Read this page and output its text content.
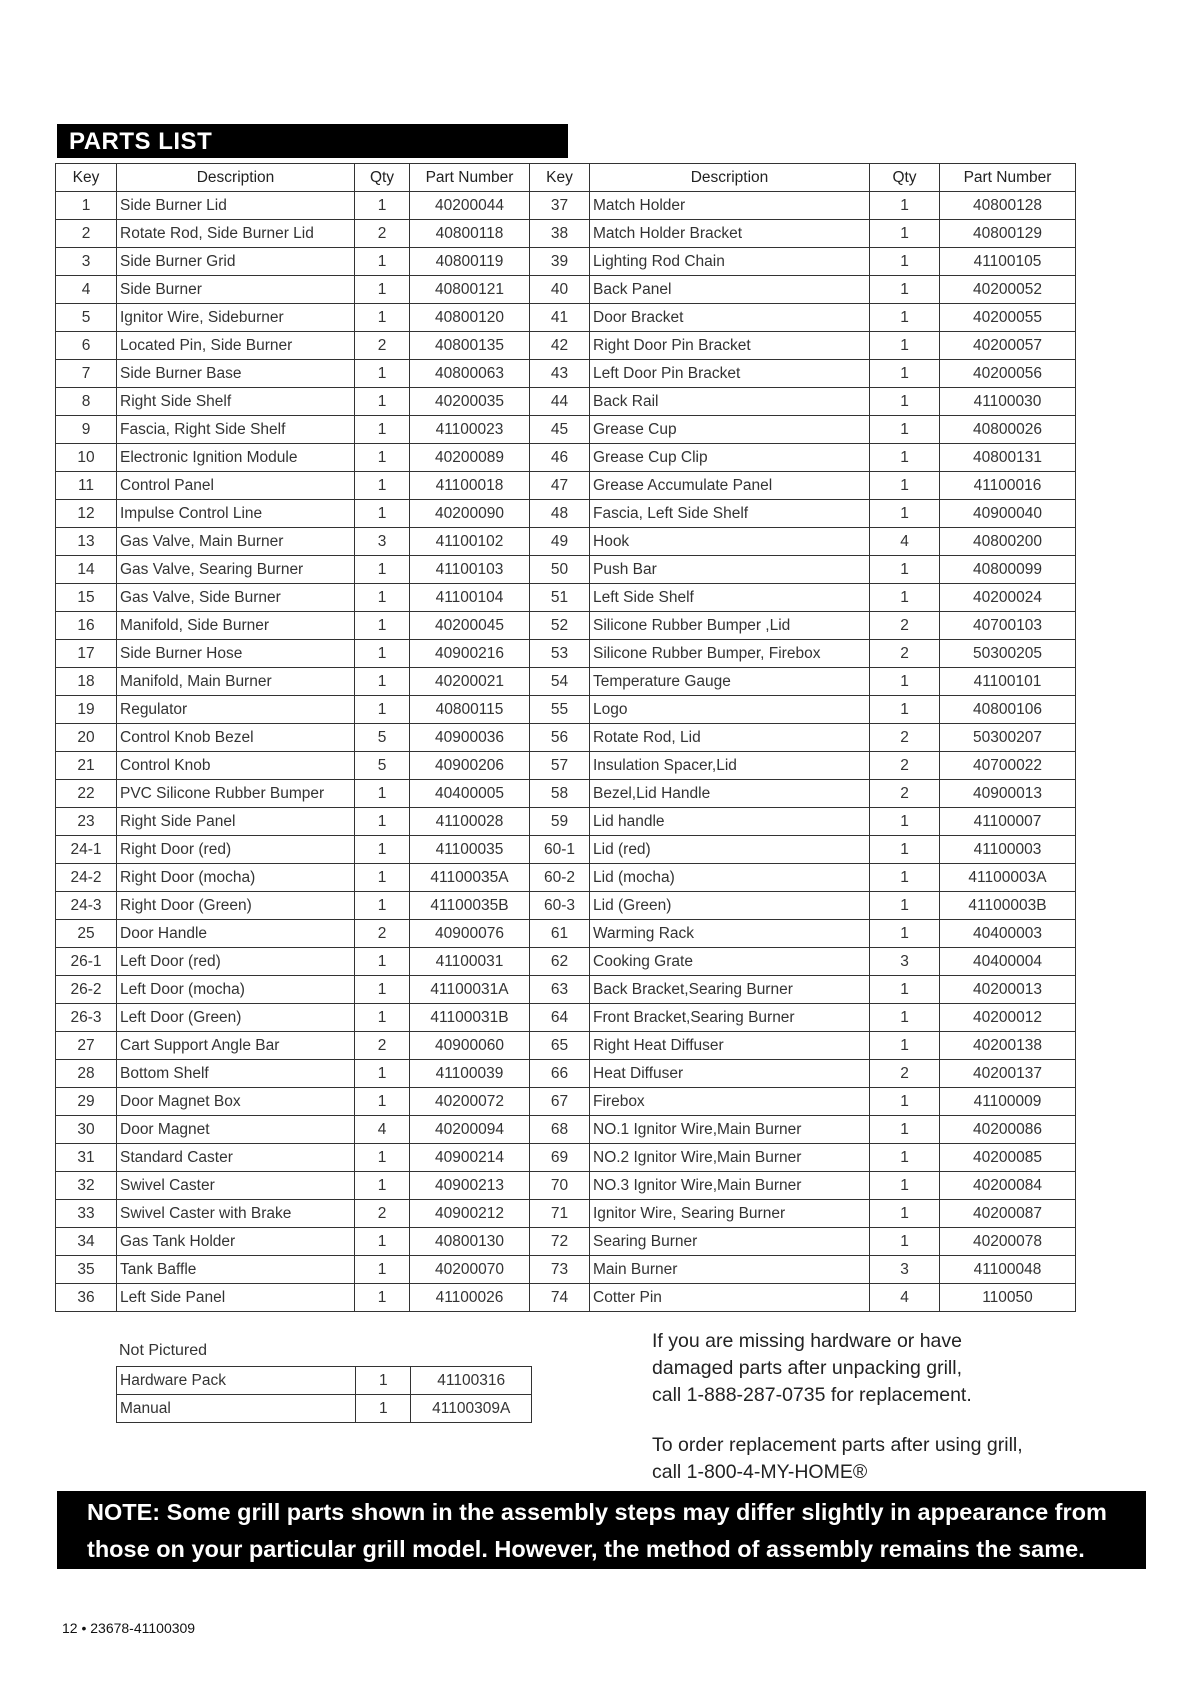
PARTS LIST
Key	Description	Qty	Part Number	Key	Description	Qty	Part Number
1	Side Burner Lid	1	40200044	37	Match Holder	1	40800128
2	Rotate Rod, Side Burner Lid	2	40800118	38	Match Holder Bracket	1	40800129
3	Side Burner Grid	1	40800119	39	Lighting Rod Chain	1	41100105
4	Side Burner	1	40800121	40	Back Panel	1	40200052
5	Ignitor Wire, Sideburner	1	40800120	41	Door Bracket	1	40200055
6	Located Pin, Side Burner	2	40800135	42	Right Door Pin Bracket	1	40200057
7	Side Burner Base	1	40800063	43	Left Door Pin Bracket	1	40200056
8	Right Side Shelf	1	40200035	44	Back Rail	1	41100030
9	Fascia, Right Side Shelf	1	41100023	45	Grease Cup	1	40800026
10	Electronic Ignition Module	1	40200089	46	Grease Cup Clip	1	40800131
11	Control Panel	1	41100018	47	Grease Accumulate Panel	1	41100016
12	Impulse Control Line	1	40200090	48	Fascia, Left Side Shelf	1	40900040
13	Gas Valve, Main Burner	3	41100102	49	Hook	4	40800200
14	Gas Valve, Searing Burner	1	41100103	50	Push Bar	1	40800099
15	Gas Valve, Side Burner	1	41100104	51	Left Side Shelf	1	40200024
16	Manifold, Side Burner	1	40200045	52	Silicone Rubber Bumper ,Lid	2	40700103
17	Side Burner Hose	1	40900216	53	Silicone Rubber Bumper, Firebox	2	50300205
18	Manifold, Main Burner	1	40200021	54	Temperature Gauge	1	41100101
19	Regulator	1	40800115	55	Logo	1	40800106
20	Control Knob Bezel	5	40900036	56	Rotate Rod, Lid	2	50300207
21	Control Knob	5	40900206	57	Insulation Spacer,Lid	2	40700022
22	PVC Silicone Rubber Bumper	1	40400005	58	Bezel,Lid Handle	2	40900013
23	Right Side Panel	1	41100028	59	Lid handle	1	41100007
24-1	Right Door (red)	1	41100035	60-1	Lid (red)	1	41100003
24-2	Right Door (mocha)	1	41100035A	60-2	Lid (mocha)	1	41100003A
24-3	Right Door (Green)	1	41100035B	60-3	Lid (Green)	1	41100003B
25	Door Handle	2	40900076	61	Warming Rack	1	40400003
26-1	Left Door (red)	1	41100031	62	Cooking Grate	3	40400004
26-2	Left Door (mocha)	1	41100031A	63	Back Bracket,Searing Burner	1	40200013
26-3	Left Door (Green)	1	41100031B	64	Front Bracket,Searing Burner	1	40200012
27	Cart Support Angle Bar	2	40900060	65	Right Heat Diffuser	1	40200138
28	Bottom Shelf	1	41100039	66	Heat Diffuser	2	40200137
29	Door Magnet Box	1	40200072	67	Firebox	1	41100009
30	Door Magnet	4	40200094	68	NO.1 Ignitor Wire,Main Burner	1	40200086
31	Standard Caster	1	40900214	69	NO.2 Ignitor Wire,Main Burner	1	40200085
32	Swivel Caster	1	40900213	70	NO.3 Ignitor Wire,Main Burner	1	40200084
33	Swivel Caster with Brake	2	40900212	71	Ignitor Wire, Searing Burner	1	40200087
34	Gas Tank Holder	1	40800130	72	Searing Burner	1	40200078
35	Tank Baffle	1	40200070	73	Main Burner	3	41100048
36	Left Side Panel	1	41100026	74	Cotter Pin	4	110050
Not Pictured
Hardware Pack	1	41100316
Manual	1	41100309A
If you are missing hardware or have
damaged parts after unpacking grill,
call 1-888-287-0735 for replacement.
To order replacement parts after using grill,
call 1-800-4-MY-HOME®
NOTE: Some grill parts shown in the assembly steps may differ slightly in appearance from
those on your particular grill model. However, the method of assembly remains the same.
12 • 23678-41100309
